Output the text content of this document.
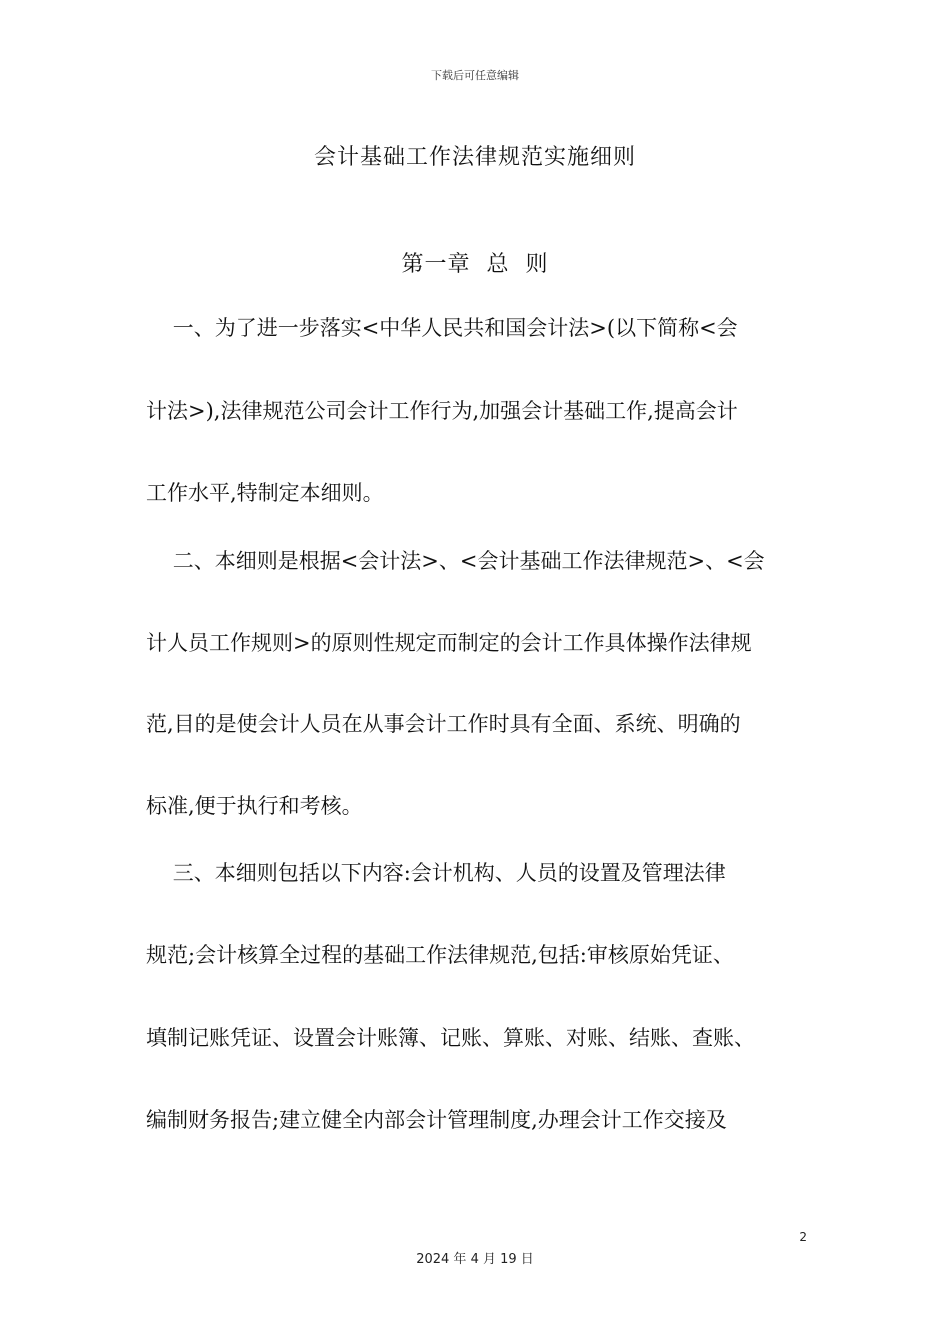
下载后可任意编辑
会计基础工作法律规范实施细则
第一章  总  则
一、为了进一步落实<中华人民共和国会计法>(以下简称<会
计法>),法律规范公司会计工作行为,加强会计基础工作,提高会计
工作水平,特制定本细则。
二、本细则是根据<会计法>、<会计基础工作法律规范>、<会
计人员工作规则>的原则性规定而制定的会计工作具体操作法律规
范,目的是使会计人员在从事会计工作时具有全面、系统、明确的
标准,便于执行和考核。
三、本细则包括以下内容:会计机构、人员的设置及管理法律
规范;会计核算全过程的基础工作法律规范,包括:审核原始凭证、
填制记账凭证、设置会计账簿、记账、算账、对账、结账、查账、
编制财务报告;建立健全内部会计管理制度,办理会计工作交接及
2
2024 年 4 月 19 日
